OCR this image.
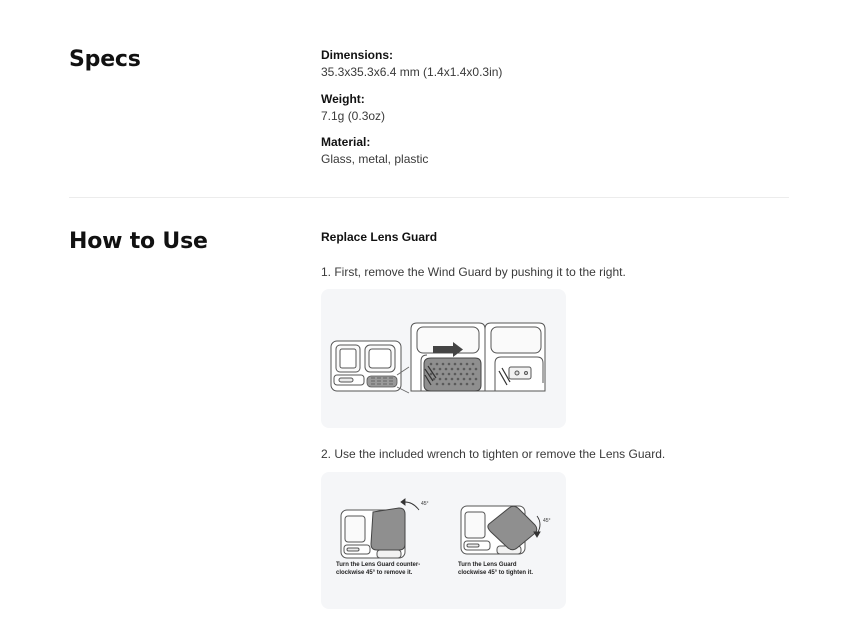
Specs	Dimensions:
35.3x35.3x6.4 mm (1.4x1.4x0.3in)
Weight:
7.1g (0.3oz)
Material:
Glass, metal, plastic
How to Use	Replace Lens Guard
1. First, remove the Wind Guard by pushing it to the right.
2. Use the included wrench to tighten or remove the Lens Guard.
45°
45°
Turn the Lens Guard counter-
clockwise 45° to remove it.
Turn the Lens Guard
clockwise 45° to tighten it.
